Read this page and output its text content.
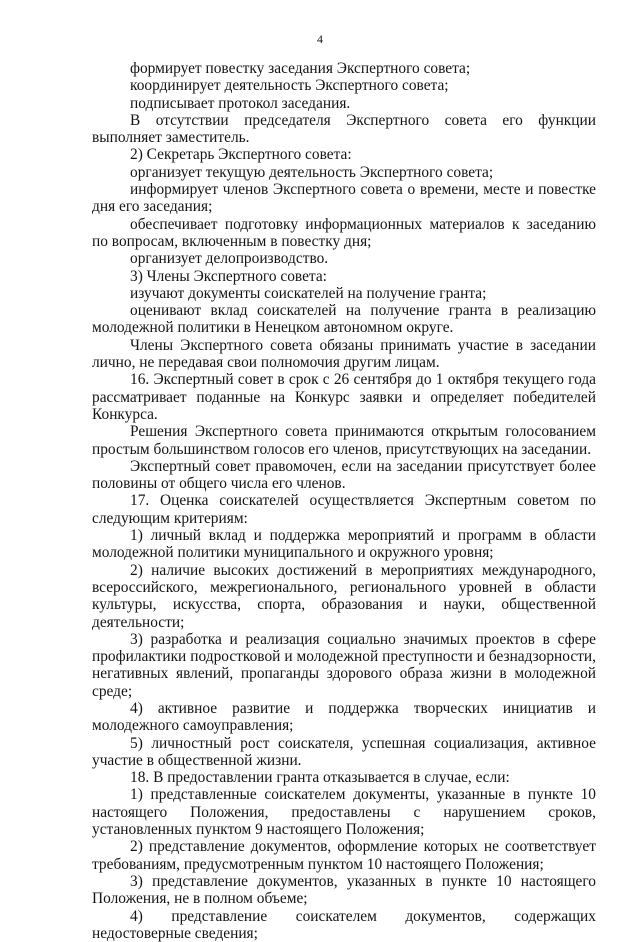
4

формирует повестку заседания Экспертного совета;

координирует деятельность Экспертного совета;

подписывает протокол заседания.

В отсутствии председателя Экспертного совета его функции выполняет заместитель.

2) Секретарь Экспертного совета:

организует текущую деятельность Экспертного совета;

информирует членов Экспертного совета о времени, месте и повестке дня его заседания;

обеспечивает подготовку информационных материалов к заседанию по вопросам, включенным в повестку дня;

организует делопроизводство.

3) Члены Экспертного совета:

изучают документы соискателей на получение гранта;

оценивают вклад соискателей на получение гранта в реализацию молодежной политики в Ненецком автономном округе.

Члены Экспертного совета обязаны принимать участие в заседании лично, не передавая свои полномочия другим лицам.

16. Экспертный совет в срок с 26 сентября до 1 октября текущего года рассматривает поданные на Конкурс заявки и определяет победителей Конкурса.

Решения Экспертного совета принимаются открытым голосованием простым большинством голосов его членов, присутствующих на заседании.

Экспертный совет правомочен, если на заседании присутствует более половины от общего числа его членов.

17. Оценка соискателей осуществляется Экспертным советом по следующим критериям:

1) личный вклад и поддержка мероприятий и программ в области молодежной политики муниципального и окружного уровня;

2) наличие высоких достижений в мероприятиях международного, всероссийского, межрегионального, регионального уровней в области культуры, искусства, спорта, образования и науки, общественной деятельности;

3) разработка и реализация социально значимых проектов в сфере профилактики подростковой и молодежной преступности и безнадзорности, негативных явлений, пропаганды здорового образа жизни в молодежной среде;

4) активное развитие и поддержка творческих инициатив и молодежного самоуправления;

5) личностный рост соискателя, успешная социализация, активное участие в общественной жизни.

18. В предоставлении гранта отказывается в случае, если:

1) представленные соискателем документы, указанные в пункте 10 настоящего Положения, предоставлены с нарушением сроков, установленных пунктом 9 настоящего Положения;

2) представление документов, оформление которых не соответствует требованиям, предусмотренным пунктом 10 настоящего Положения;

3) представление документов, указанных в пункте 10 настоящего Положения, не в полном объеме;

4) представление соискателем документов, содержащих недостоверные сведения;
